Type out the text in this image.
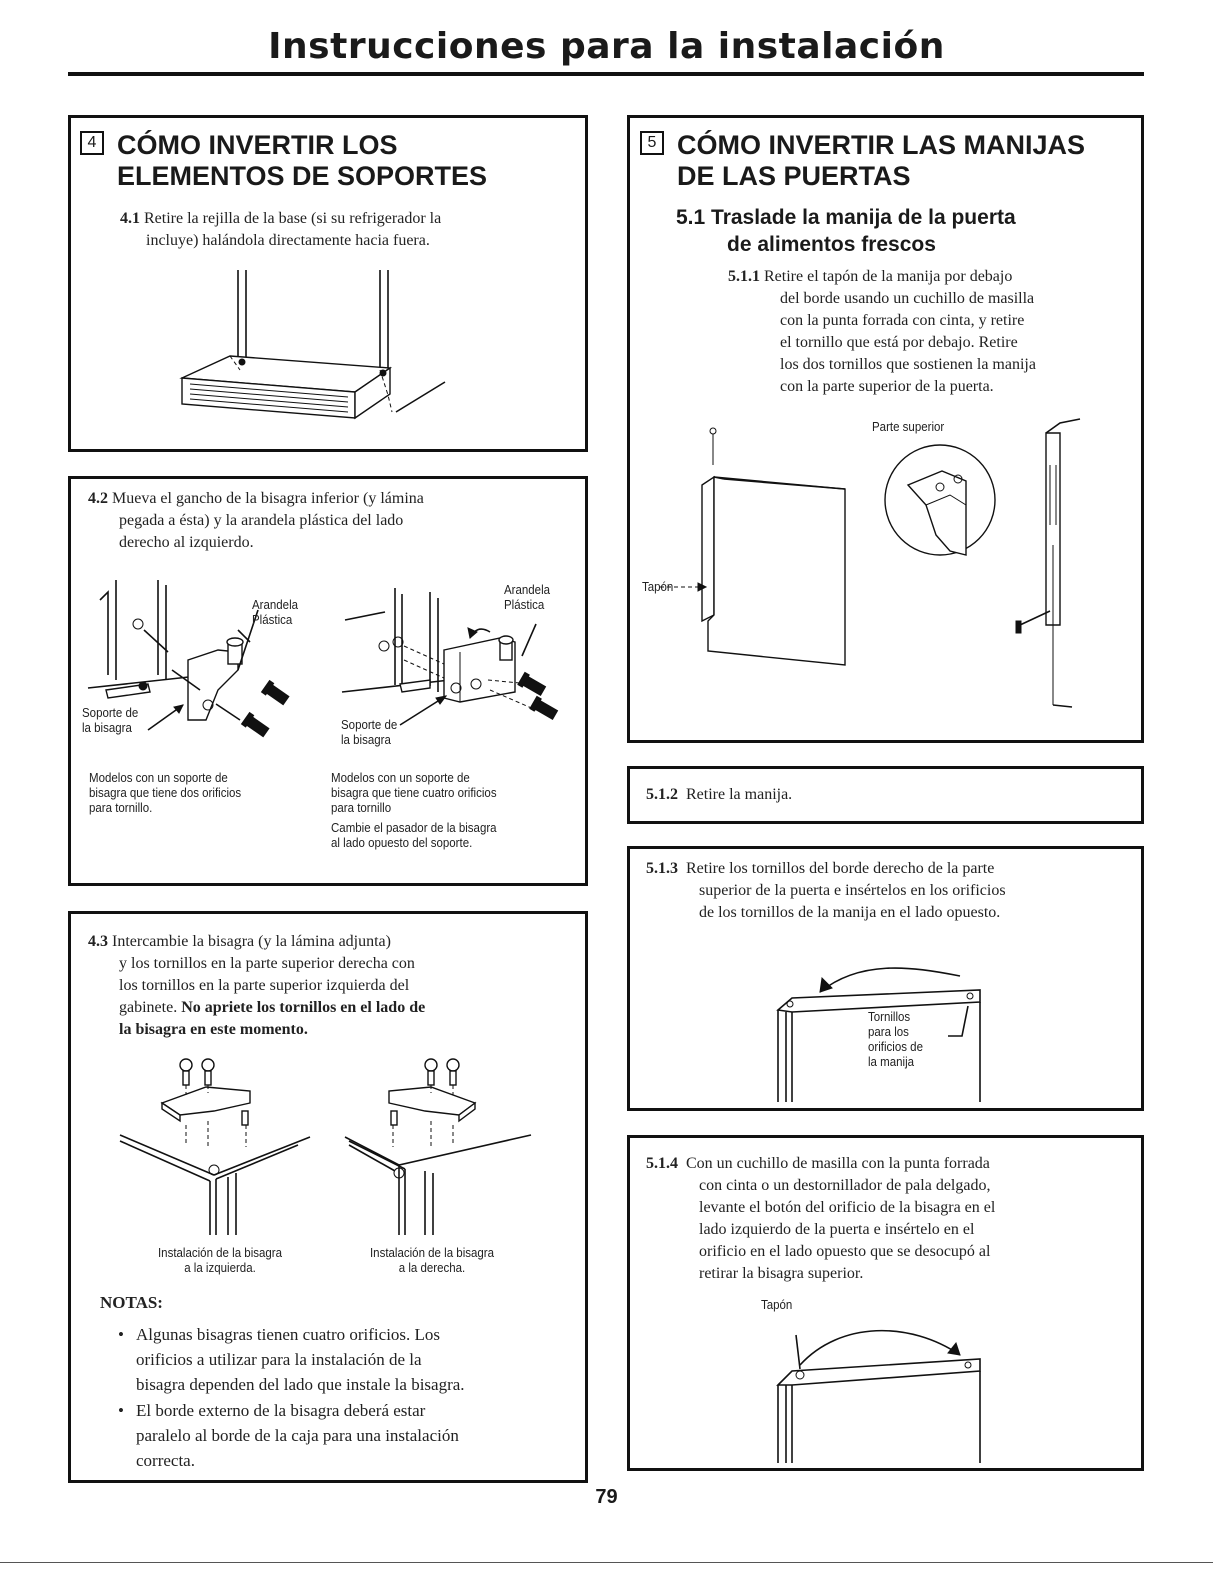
Instrucciones para la instalación
4 CÓMO INVERTIR LOS
ELEMENTOS DE SOPORTES
4.1 Retire la rejilla de la base (si su refrigerador la
incluye) halándola directamente hacia fuera.
4.2 Mueva el gancho de la bisagra inferior (y lámina
pegada a ésta) y la arandela plástica del lado
derecho al izquierdo.
Arandela
Plástica
Soporte de
la bisagra
Arandela
Plástica
Soporte de
la bisagra
Modelos con un soporte de
bisagra que tiene dos orificios
para tornillo.
Modelos con un soporte de
bisagra que tiene cuatro orificios
para tornillo
Cambie el pasador de la bisagra
al lado opuesto del soporte.
4.3 Intercambie la bisagra (y la lámina adjunta)
y los tornillos en la parte superior derecha con
los tornillos en la parte superior izquierda del
gabinete. No apriete los tornillos en el lado de
la bisagra en este momento.
Instalación de la bisagra
a la izquierda.
Instalación de la bisagra
a la derecha.
NOTAS:
• Algunas bisagras tienen cuatro orificios. Los
orificios a utilizar para la instalación de la
bisagra dependen del lado que instale la bisagra.
• El borde externo de la bisagra deberá estar
paralelo al borde de la caja para una instalación
correcta.
5 CÓMO INVERTIR LAS MANIJAS
DE LAS PUERTAS
5.1 Traslade la manija de la puerta
de alimentos frescos
5.1.1 Retire el tapón de la manija por debajo
del borde usando un cuchillo de masilla
con la punta forrada con cinta, y retire
el tornillo que está por debajo. Retire
los dos tornillos que sostienen la manija
con la parte superior de la puerta.
Parte superior
Tapón
5.1.2 Retire la manija.
5.1.3 Retire los tornillos del borde derecho de la parte
superior de la puerta e insértelos en los orificios
de los tornillos de la manija en el lado opuesto.
Tornillos
para los
orificios de
la manija
5.1.4 Con un cuchillo de masilla con la punta forrada
con cinta o un destornillador de pala delgado,
levante el botón del orificio de la bisagra en el
lado izquierdo de la puerta e insértelo en el
orificio en el lado opuesto que se desocupó al
retirar la bisagra superior.
Tapón
79
